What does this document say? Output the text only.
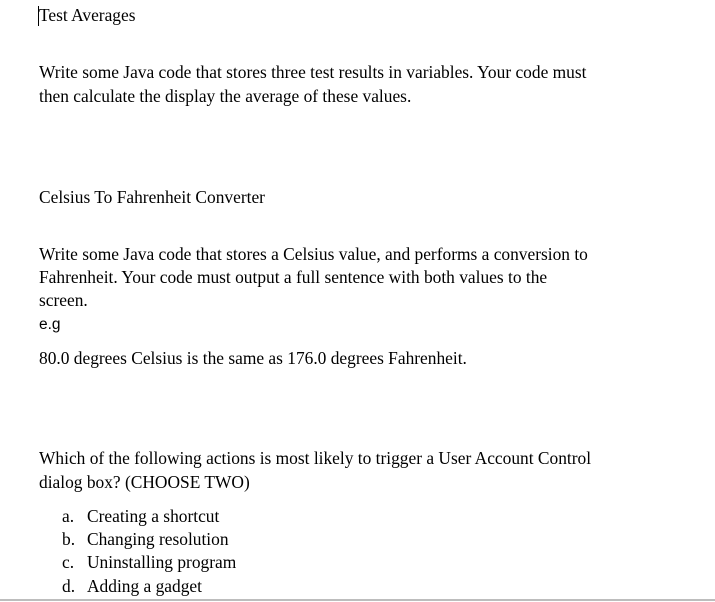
Test Averages

Write some Java code that stores three test results in variables. Your code must

then calculate the display the average of these values.

Celsius To Fahrenheit Converter

Write some Java code that stores a Celsius value, and performs a conversion to

Fahrenheit. Your code must output a full sentence with both values to the

screen.

e.g

80.0 degrees Celsius is the same as 176.0 degrees Fahrenheit.

Which of the following actions is most likely to trigger a User Account Control

dialog box? (CHOOSE TWO)

a. Creating a shortcut
b. Changing resolution
c. Uninstalling program
d. Adding a gadget
